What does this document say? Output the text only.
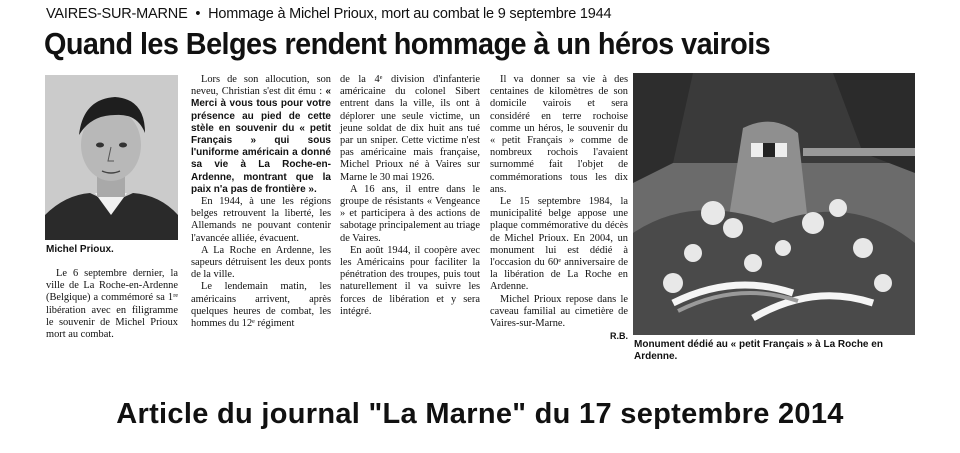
VAIRES-SUR-MARNE • Hommage à Michel Prioux, mort au combat le 9 septembre 1944
Quand les Belges rendent hommage à un héros vairois
Michel Prioux.

Le 6 septembre dernier, la ville de La Roche-en-Ardenne (Belgique) a commémoré sa 1ʳᵉ libération avec en filigramme le souvenir de Michel Prioux mort au combat.

Lors de son allocution, son neveu, Christian s'est dit ému : « Merci à vous tous pour votre présence au pied de cette stèle en souvenir du « petit Français » qui sous l'uniforme américain a donné sa vie à La Roche-en-Ardenne, montrant que la paix n'a pas de frontière ».

En 1944, à une les régions belges retrouvent la liberté, les Allemands ne pouvant contenir l'avancée alliée, évacuent.

A La Roche en Ardenne, les sapeurs détruisent les deux ponts de la ville.

Le lendemain matin, les américains arrivent, après quelques heures de combat, les hommes du 12ᵉ régiment

de la 4ᵉ division d'infanterie américaine du colonel Sibert entrent dans la ville, ils ont à déplorer une seule victime, un jeune soldat de dix huit ans tué par un sniper. Cette victime n'est pas américaine mais française, Michel Prioux né à Vaires sur Marne le 30 mai 1926.

A 16 ans, il entre dans le groupe de résistants « Vengeance » et participera à des actions de sabotage principalement au triage de Vaires.

En août 1944, il coopère avec les Américains pour faciliter la pénétration des troupes, puis tout naturellement il va suivre les forces de libération et y sera intégré.

Il va donner sa vie à des centaines de kilomètres de son domicile vairois et sera considéré en terre rochoise comme un héros, le souvenir du « petit Français » comme de nombreux rochois l'avaient surnommé fait l'objet de commémorations tous les dix ans.

Le 15 septembre 1984, la municipalité belge appose une plaque commémorative du décès de Michel Prioux. En 2004, un monument lui est dédié à l'occasion du 60ᵉ anniversaire de la libération de La Roche en Ardenne.

Michel Prioux repose dans le caveau familial au cimetière de Vaires-sur-Marne.

R.B.

Monument dédié au « petit Français » à La Roche en Ardenne.
Article du journal "La Marne" du 17 septembre 2014
